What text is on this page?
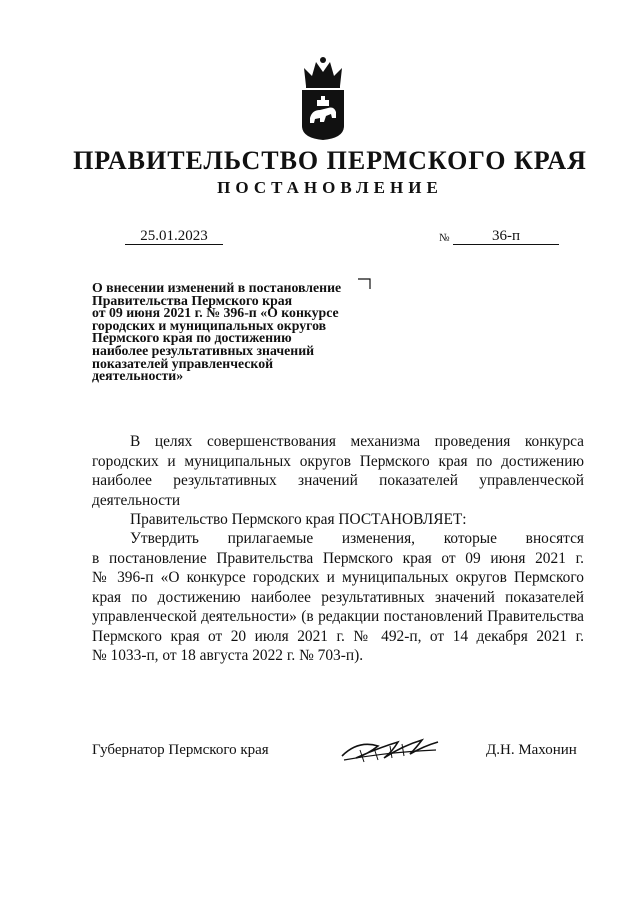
ПРАВИТЕЛЬСТВО ПЕРМСКОГО КРАЯ
ПОСТАНОВЛЕНИЕ
25.01.2023	№	36-п
О внесении изменений в постановление
Правительства Пермского края
от 09 июня 2021 г. № 396-п «О конкурсе
городских и муниципальных округов
Пермского края по достижению
наиболее результативных значений
показателей управленческой
деятельности»
В целях совершенствования механизма проведения конкурса
городских и муниципальных округов Пермского края по достижению
наиболее результативных значений показателей управленческой
деятельности
Правительство Пермского края ПОСТАНОВЛЯЕТ:
Утвердить прилагаемые изменения, которые вносятся
в постановление Правительства Пермского края от 09 июня 2021 г.
№ 396-п «О конкурсе городских и муниципальных округов Пермского
края по достижению наиболее результативных значений показателей
управленческой деятельности» (в редакции постановлений Правительства
Пермского края от 20 июля 2021 г. № 492-п, от 14 декабря 2021 г.
№ 1033-п, от 18 августа 2022 г. № 703-п).
Губернатор Пермского края	Д.Н. Махонин
